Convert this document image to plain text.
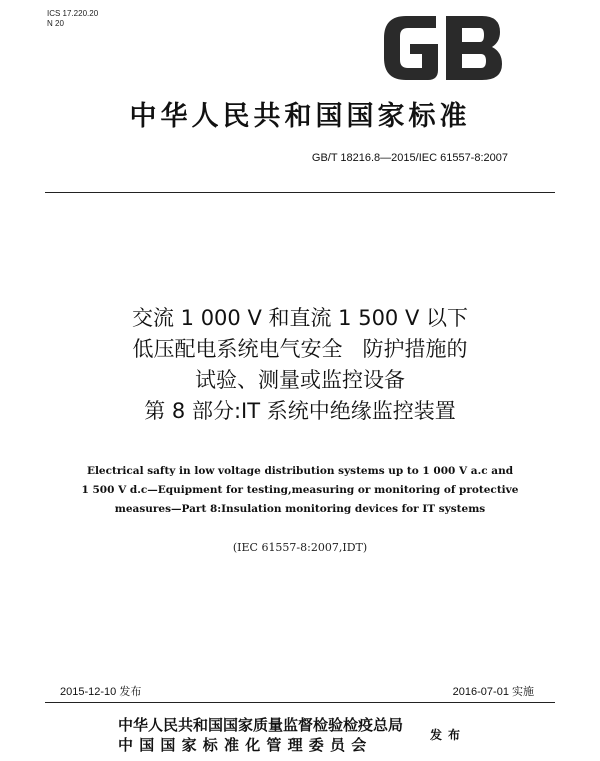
ICS 17.220.20
N 20
中华人民共和国国家标准
GB/T 18216.8—2015/IEC 61557-8:2007
交流 1 000 V 和直流 1 500 V 以下
低压配电系统电气安全   防护措施的
试验、测量或监控设备
第 8 部分:IT 系统中绝缘监控装置
Electrical safty in low voltage distribution systems up to 1 000 V a.c and
1 500 V d.c—Equipment for testing,measuring or monitoring of protective
measures—Part 8:Insulation monitoring devices for IT systems
(IEC 61557-8:2007,IDT)
2015-12-10 发布	2016-07-01 实施
中华人民共和国国家质量监督检验检疫总局
中国国家标准化管理委员会
发布
